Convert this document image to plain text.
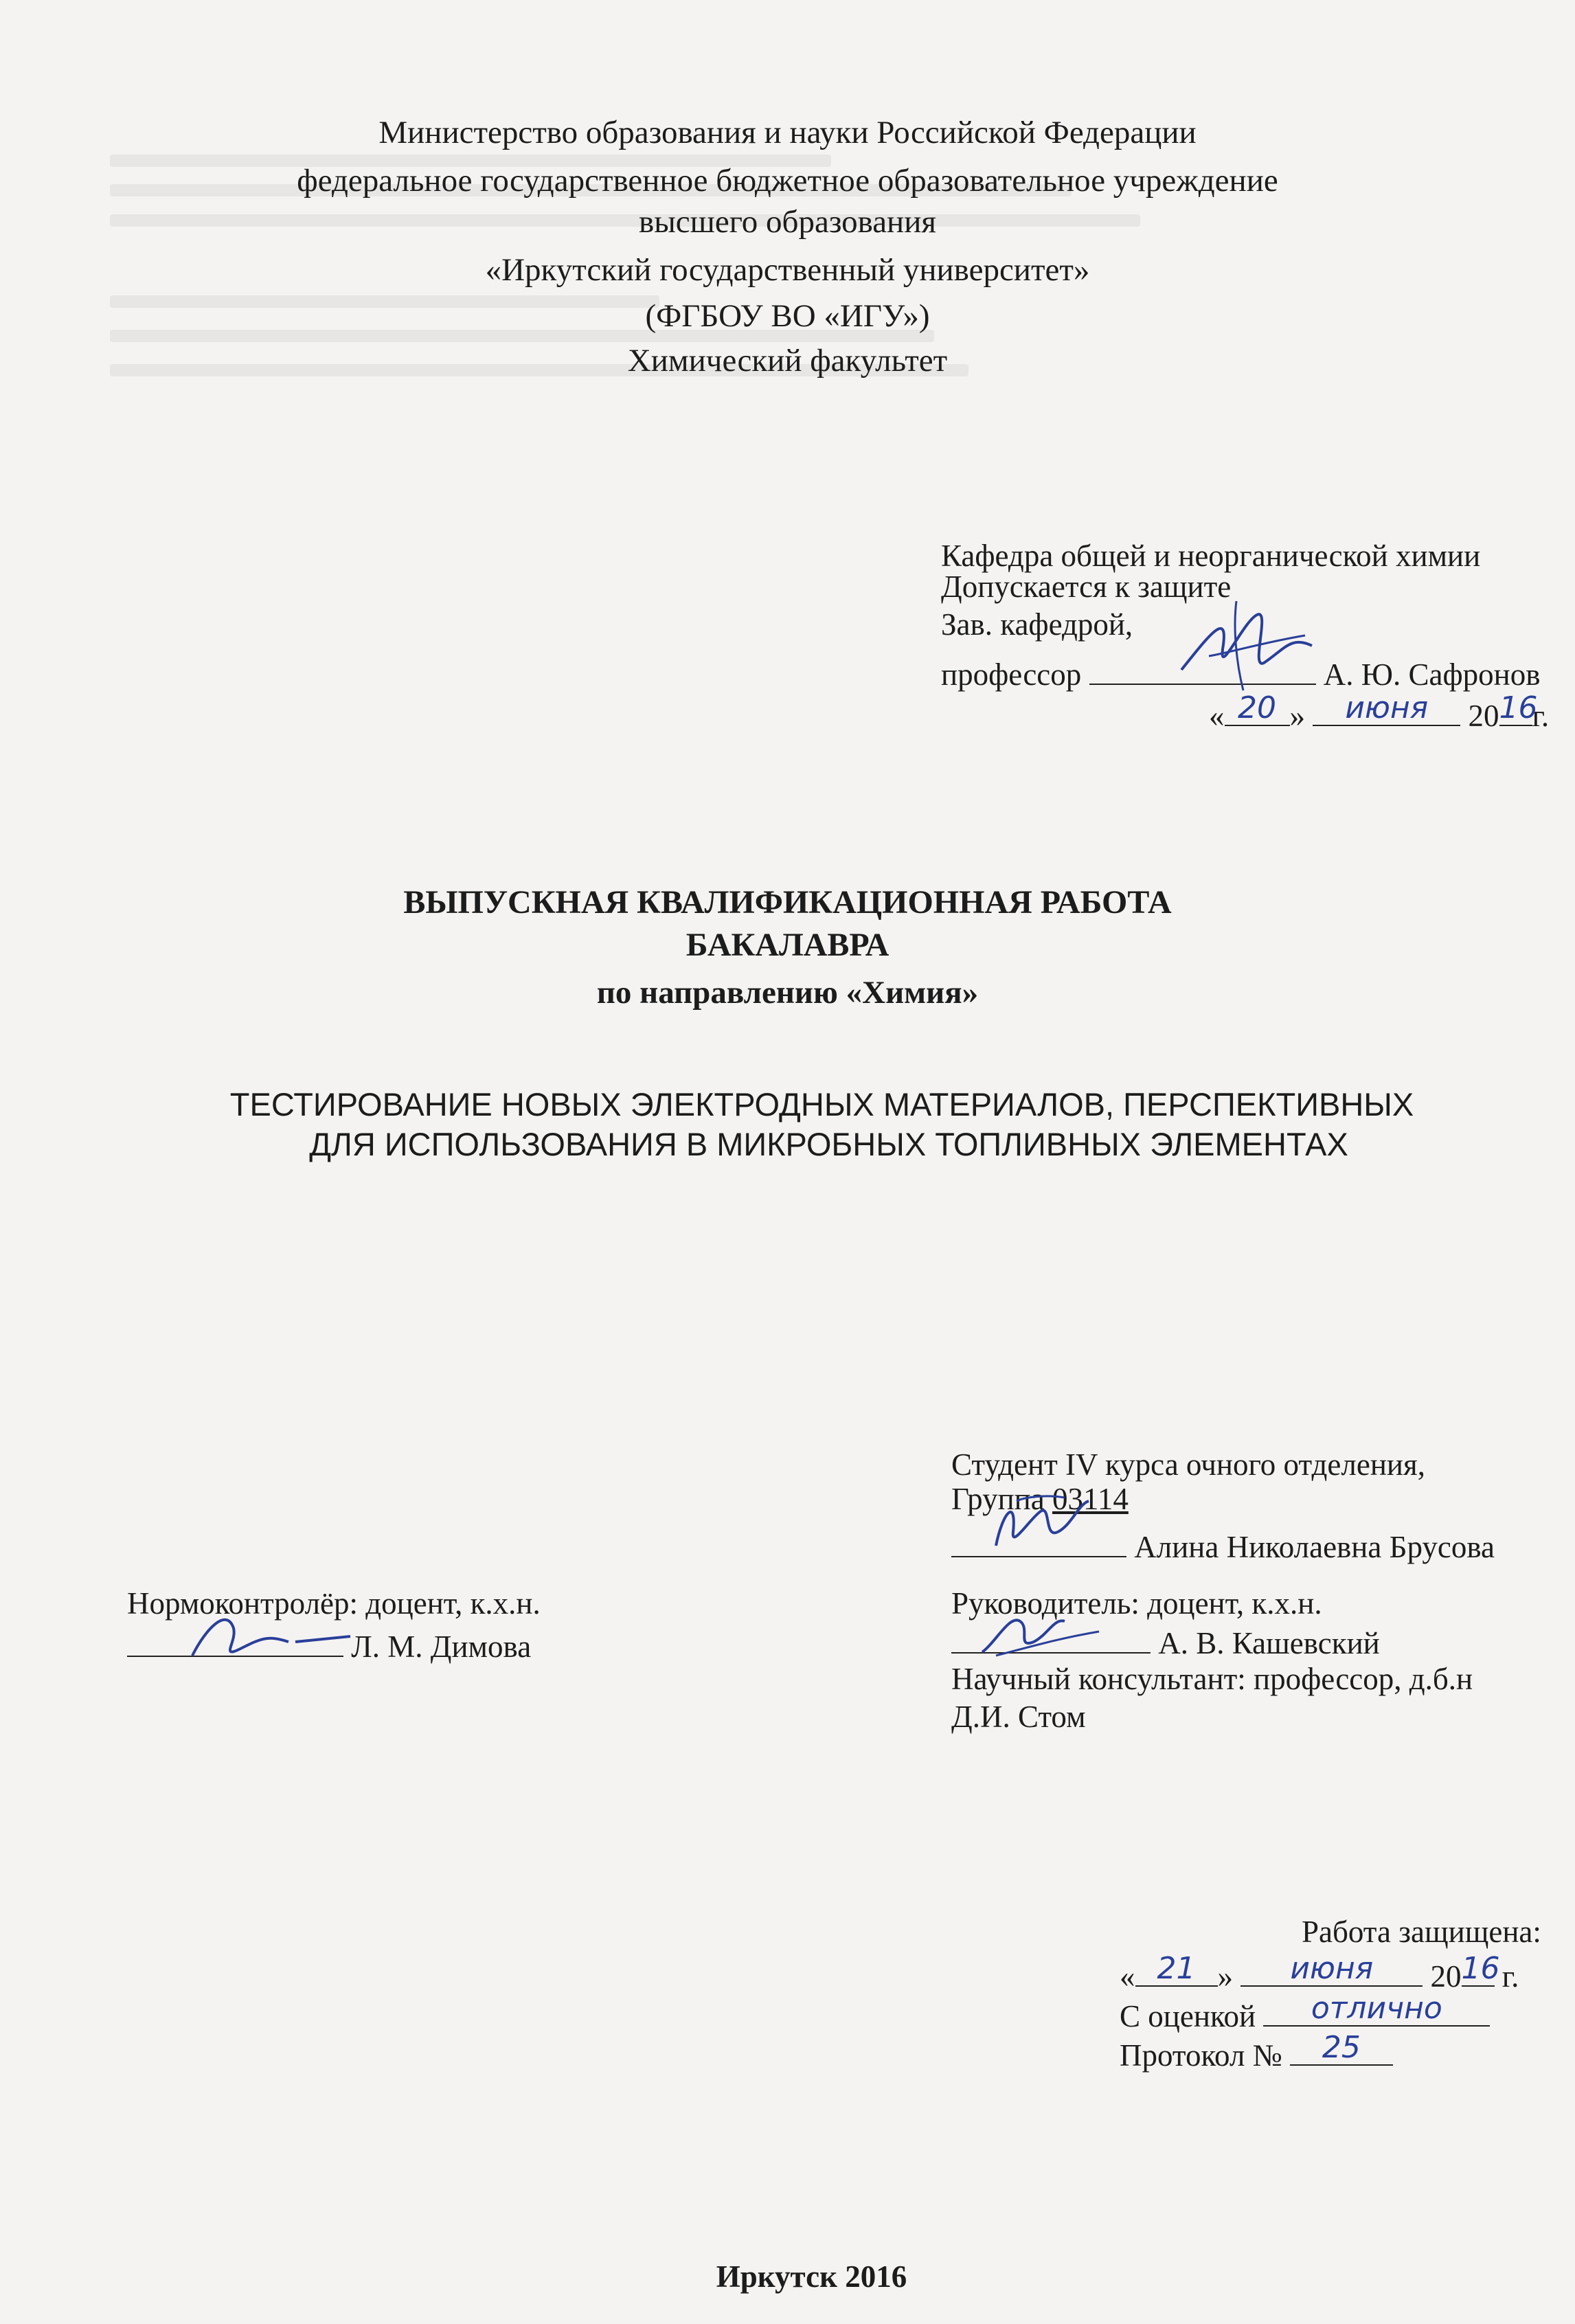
Министерство образования и науки Российской Федерации
федеральное государственное бюджетное образовательное учреждение
высшего образования
«Иркутский государственный университет»
(ФГБОУ ВО «ИГУ»)
Химический факультет
Кафедра общей и неорганической химии
Допускается к защите
Зав. кафедрой,
профессор	А. Ю. Сафронов
« 20 »	июня	20 16
г.
ВЫПУСКНАЯ КВАЛИФИКАЦИОННАЯ РАБОТА
БАКАЛАВРА
по направлению «Химия»
ТЕСТИРОВАНИЕ НОВЫХ ЭЛЕКТРОДНЫХ МАТЕРИАЛОВ, ПЕРСПЕКТИВНЫХ
ДЛЯ ИСПОЛЬЗОВАНИЯ В МИКРОБНЫХ ТОПЛИВНЫХ ЭЛЕМЕНТАХ
Студент IV курса очного отделения,
Группа 03114
Алина Николаевна Брусова
Нормоконтролёр: доцент, к.х.н.
Л. М. Димова
Руководитель: доцент, к.х.н.
А. В. Кашевский
Научный консультант: профессор, д.б.н
Д.И. Стом
Работа защищена:
« 21 »	июня	20 16 г.
С оценкой	отлично
Протокол №	25
Иркутск 2016
